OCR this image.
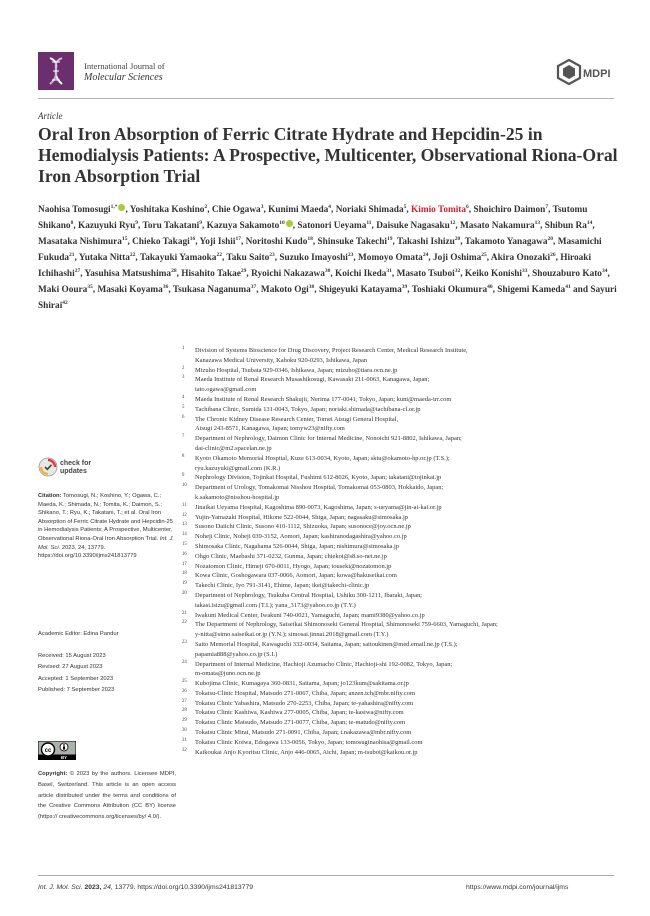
International Journal of
Molecular Sciences	MDPI
Article
Oral Iron Absorption of Ferric Citrate Hydrate and Hepcidin-25 in Hemodialysis Patients: A Prospective, Multicenter, Observational Riona-Oral Iron Absorption Trial
Naohisa Tomosugi$^{1,*}$ , Yoshitaka Koshino$^2$, Chie Ogawa$^3$, Kunimi Maeda$^4$, Noriaki Shimada$^5$, Kimio Tomita$^6$, Shoichiro Daimon$^7$, Tsutomu Shikano$^8$, Kazuyuki Ryu$^9$, Toru Takatani$^9$, Kazuya Sakamoto$^{10}$ , Satonori Ueyama$^{11}$, Daisuke Nagasaku$^{12}$, Masato Nakamura$^{13}$, Shibun Ra$^{14}$, Masataka Nishimura$^{15}$, Chieko Takagi$^{16}$, Yoji Ishii$^{17}$, Noritoshi Kudo$^{18}$, Shinsuke Takechi$^{19}$, Takashi Ishizu$^{20}$, Takamoto Yanagawa$^{20}$, Masamichi Fukuda$^{21}$, Yutaka Nitta$^{22}$, Takayuki Yamaoka$^{22}$, Taku Saito$^{23}$, Suzuko Imayoshi$^{23}$, Momoyo Omata$^{24}$, Joji Oshima$^{25}$, Akira Onozaki$^{26}$, Hiroaki Ichihashi$^{27}$, Yasuhisa Matsushima$^{28}$, Hisahito Takae$^{29}$, Ryoichi Nakazawa$^{30}$, Koichi Ikeda$^{31}$, Masato Tsuboi$^{32}$, Keiko Konishi$^{33}$, Shouzaburo Kato$^{34}$, Maki Ooura$^{35}$, Masaki Koyama$^{36}$, Tsukasa Naganuma$^{37}$, Makoto Ogi$^{38}$, Shigeyuki Katayama$^{39}$, Toshiaki Okumura$^{40}$, Shigemi Kameda$^{41}$ and Sayuri Shirai$^{42}$
1 Division of Systems Bioscience for Drug Discovery, Project Research Center, Medical Research Institute,
Kanazawa Medical University, Kahoku 920-0293, Ishikawa, Japan
2 Mizuho Hospital, Tsubata 929-0346, Ishikawa, Japan; mizuho@tiara.ocn.ne.jp
3 Maeda Institute of Renal Research Musashikosugi, Kawasaki 211-0063, Kanagawa, Japan;
tato.ogawa@gmail.com
4 Maeda Institute of Renal Research Shakujii, Nerima 177-0041, Tokyo, Japan; kuni@maeda-irr.com
5 Tachibana Clinic, Sumida 131-0043, Tokyo, Japan; noriaki.shimada@tachibana-cl.or.jp
6 The Chronic Kidney Disease Research Center, Tomei Atsugi General Hospital,
Atsugi 243-8571, Kanagawa, Japan; tomyw23@nifty.com
7 Department of Nephrology, Daimon Clinic for Internal Medicine, Nonoichi 921-8802, Ishikawa, Japan;
dai-clinic@m2.spacelan.ne.jp
8 Kyoto Okamoto Memorial Hospital, Kuze 613-0034, Kyoto, Japan; sktu@okamoto-hp.or.jp (T.S.);
ryu.kazuyuki@gmail.com (K.R.)
9 Nephrology Division, Tojinkai Hospital, Fushimi 612-8026, Kyoto, Japan; takatani@tojinkai.jp
10 Department of Urology, Tomakomai Nisshou Hospital, Tomakomai 053-0803, Hokkaido, Japan;
k.sakamoto@nisshou-hospital.jp
11 Jinaikai Ueyama Hospital, Kagoshima 890-0073, Kagoshima, Japan; s-ueyama@jin-ai-kai.or.jp
12 Yujin-Yamazaki Hospital, Hikone 522-0044, Shiga, Japan; nagasaku@simosaka.jp
13 Susono Daiichi Clinic, Susono 410-1112, Shizuoka, Japan; susonoce@joy.ocn.ne.jp
14 Noheji Clinic, Noheji 039-3152, Aomori, Japan; kashiranodagashira@yahoo.co.jp
15 Shimosaka Clinic, Nagahama 526-0044, Shiga, Japan; nishimura@simosaka.jp
16 Ohgo Clinic, Maebashi 371-0232, Gunma, Japan; chiekot@s8.so-net.ne.jp
17 Nozatomon Clinic, Himeji 670-0011, Hyogo, Japan; touseki@nozatomon.jp
18 Kowa Clinic, Goshogawara 037-0066, Aomori, Japan; kowa@hakuseikai.com
19 Takechi Clinic, Iyo 791-3141, Ehime, Japan; ikei@takechi-clinic.jp
20 Department of Nephrology, Tsukuba Central Hospital, Ushiku 300-1211, Ibaraki, Japan;
takasi.isizu@gmail.com (T.I.); yana_3173@yahoo.co.jp (T.Y.)
21 Iwakuni Medical Center, Iwakuni 740-0021, Yamaguchi, Japan; mami9380@yahoo.co.jp
22 The Department of Nephrology, Saiseikai Shimonoseki General Hospital, Shimonoseki 759-6603, Yamaguchi, Japan;
y-nitta@simo.saiseikai.or.jp (Y.N.); simosai.jinnai.2018@gmail.com (T.Y.)
23 Saito Memorial Hospital, Kawaguchi 332-0034, Saitama, Japan; saitoukinen@med.email.ne.jp (T.S.);
papamia888@yahoo.co.jp (S.I.)
24 Department of Internal Medicine, Hachioji Azumacho Clinic, Hachioji-shi 192-0082, Tokyo, Japan;
m-omata@juno.ocn.ne.jp
25 Kubojima Clinic, Kumagaya 360-0831, Saitama, Japan; jo123kum@sakitama.or.jp
26 Tokatsu-Clinic Hospital, Matsudo 271-0067, Chiba, Japan; anzen.tch@mbr.nifty.com
27 Tokatsu Clinic Yabashira, Matsudo 270-2253, Chiba, Japan; te-yahashira@nifty.com
28 Tokatsu Clinic Kashiwa, Kashiwa 277-0005, Chiba, Japan; te-kasiwa@nifty.com
29 Tokatsu Clinic Matsudo, Matsudo 271-0077, Chiba, Japan; te-matudo@nifty.com
30 Tokatsu Clinic Mirai, Matsudo 271-0091, Chiba, Japan; t.nakazawa@mbr.nifty.com
31 Tokatsu Clinic Koiwa, Edogawa 133-0056, Tokyo, Japan; tomosuginaohisa@gmail.com
32 Kaikoukai Anjo Kyoritsu Clinic, Anjo 446-0065, Aichi, Japan; m-tsuboi@kaikou.or.jp
check for
updates
Citation: Tomosugi, N.; Koshino, Y.; Ogawa, C.; Maeda, K.; Shimada, N.; Tomita, K.; Daimon, S.; Shikano, T.; Ryu, K.; Takatani, T.; et al. Oral Iron Absorption of Ferric Citrate Hydrate and Hepcidin-25 in Hemodialysis Patients: A Prospective, Multicenter, Observational Riona-Oral Iron Absorption Trial. Int. J. Mol. Sci. 2023, 24, 13779. https://doi.org/10.3390/ijms241813779
Academic Editor: Edina Pandur
Received: 15 August 2023
Revised: 27 August 2023
Accepted: 1 September 2023
Published: 7 September 2023
cc
BY
Copyright: © 2023 by the authors. Licensee MDPI, Basel, Switzerland. This article is an open access article distributed under the terms and conditions of the Creative Commons Attribution (CC BY) license (https:// creativecommons.org/licenses/by/ 4.0/).
Int. J. Mol. Sci. 2023, 24, 13779. https://doi.org/10.3390/ijms241813779	https://www.mdpi.com/journal/ijms
